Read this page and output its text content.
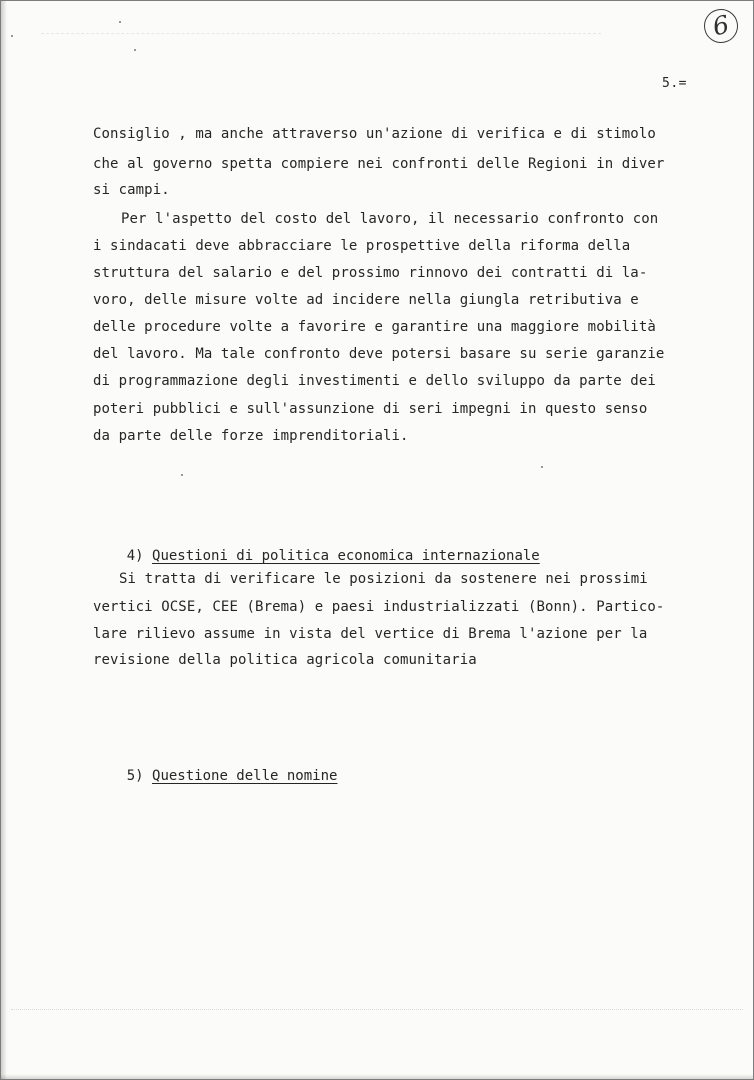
6
5.=
Consiglio , ma anche attraverso un'azione di verifica e di stimolo
che al governo spetta compiere nei confronti delle Regioni in diver
si campi.
Per l'aspetto del costo del lavoro, il necessario confronto con
i sindacati deve abbracciare le prospettive della riforma della
struttura del salario e del prossimo rinnovo dei contratti di la-
voro, delle misure volte ad incidere nella giungla retributiva e
delle procedure volte a favorire e garantire una maggiore mobilità
del lavoro. Ma tale confronto deve potersi basare su serie garanzie
di programmazione degli investimenti e dello sviluppo da parte dei
poteri pubblici e sull'assunzione di seri impegni in questo senso
da parte delle forze imprenditoriali.

4) Questioni di politica economica internazionale

Si tratta di verificare le posizioni da sostenere nei prossimi
vertici OCSE, CEE (Brema) e paesi industrializzati (Bonn). Partico-
lare rilievo assume in vista del vertice di Brema l'azione per la
revisione della politica agricola comunitaria

5) Questione delle nomine
